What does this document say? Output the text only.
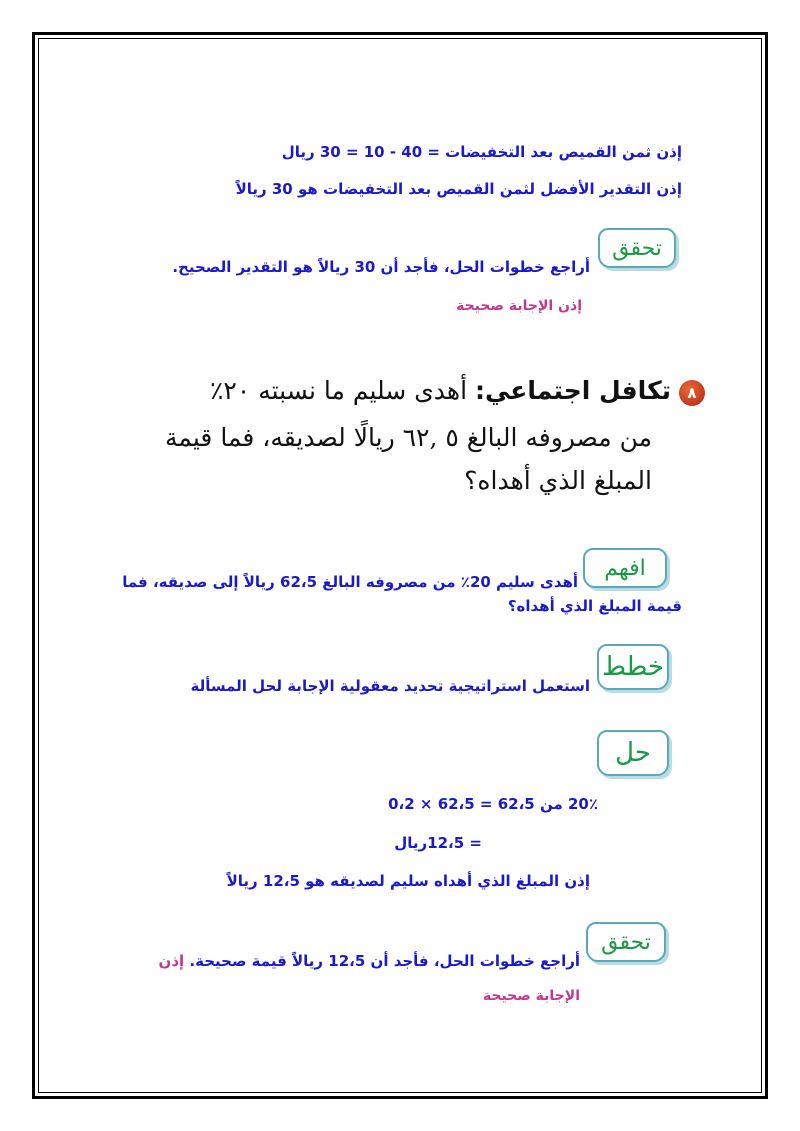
إذن ثمن القميص بعد التخفيضات = 40 - 10 = 30 ريال
إذن التقدير الأفضل لثمن القميص بعد التخفيضات هو 30 ريالاً
تحقق
أراجع خطوات الحل، فأجد أن 30 ريالاً هو التقدير الصحيح.
إذن الإجابة صحيحة
٨تكافل اجتماعي: أهدى سليم ما نسبته ٢٠٪
من مصروفه البالغ ٥ ,٦٢ ريالًا لصديقه، فما قيمة
المبلغ الذي أهداه؟
افهم
أهدى سليم 20٪ من مصروفه البالغ 62،5 ريالاً إلى صديقه، فما
قيمة المبلغ الذي أهداه؟
خطط
استعمل استراتيجية تحديد معقولية الإجابة لحل المسألة
حل
20٪ من 62،5 = 62،5 × 0،2
= 12،5ريال
إذن المبلغ الذي أهداه سليم لصديقه هو 12،5 ريالاً
تحقق
أراجع خطوات الحل، فأجد أن 12،5 ريالاً قيمة صحيحة. إذن
الإجابة صحيحة
